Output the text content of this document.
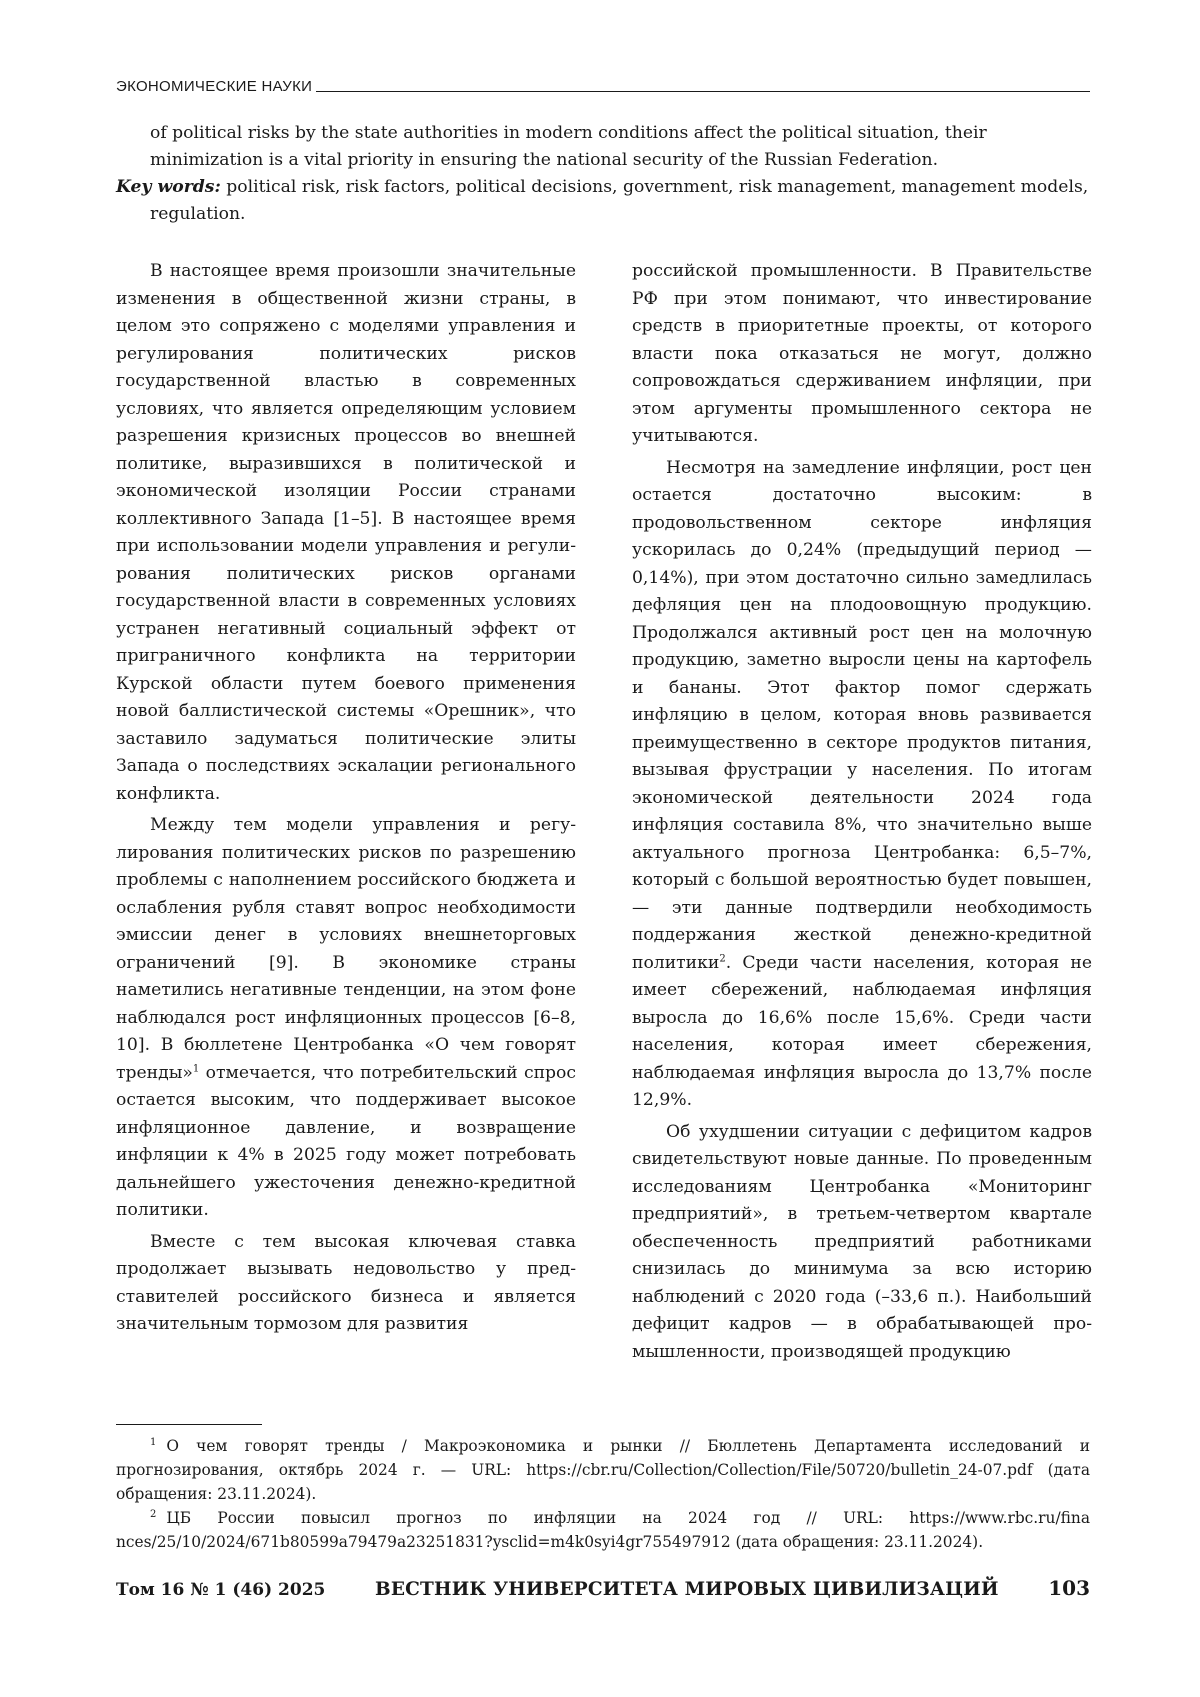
ЭКОНОМИЧЕСКИЕ НАУКИ

of political risks by the state authorities in modern conditions affect the political situation, their minimization is a vital priority in ensuring the national security of the Russian Federation.

Key words: political risk, risk factors, political decisions, government, risk management, management models, regulation.

В настоящее время произошли значительные изменения в общественной жизни страны, в целом это сопряжено с моделями управления и регулирования политических рисков государственной властью в современных условиях, что является определяющим условием разрешения кризисных процессов во внешней политике, выразившихся в политической и экономической изоляции России странами коллективного Запада [1–5]. В настоящее время при использовании модели управления и регулирования политических рисков органами государственной власти в современных условиях устранен негативный социальный эффект от приграничного конфликта на территории Курской области путем боевого применения новой баллистической системы «Орешник», что заставило задуматься политические элиты Запада о последствиях эскалации регионального конфликта.

Между тем модели управления и регулирования политических рисков по разрешению проблемы с наполнением российского бюджета и ослабления рубля ставят вопрос необходимости эмиссии денег в условиях внешнеторговых ограничений [9]. В экономике страны наметились негативные тенденции, на этом фоне наблюдался рост инфляционных процессов [6–8, 10]. В бюллетене Центробанка «О чем говорят тренды»$^1$ отмечается, что потребительский спрос остается высоким, что поддерживает высокое инфляционное давление, и возвращение инфляции к 4% в 2025 году может потребовать дальнейшего ужесточения денежно-кредитной политики.

Вместе с тем высокая ключевая ставка продолжает вызывать недовольство у представителей российского бизнеса и является значительным тормозом для развития

российской промышленности. В Правительстве РФ при этом понимают, что инвестирование средств в приоритетные проекты, от которого власти пока отказаться не могут, должно сопровождаться сдерживанием инфляции, при этом аргументы промышленного сектора не учитываются.

Несмотря на замедление инфляции, рост цен остается достаточно высоким: в продовольственном секторе инфляция ускорилась до 0,24% (предыдущий период — 0,14%), при этом достаточно сильно замедлилась дефляция цен на плодоовощную продукцию. Продолжался активный рост цен на молочную продукцию, заметно выросли цены на картофель и бананы. Этот фактор помог сдержать инфляцию в целом, которая вновь развивается преимущественно в секторе продуктов питания, вызывая фрустрации у населения. По итогам экономической деятельности 2024 года инфляция составила 8%, что значительно выше актуального прогноза Центробанка: 6,5–7%, который с большой вероятностью будет повышен, — эти данные подтвердили необходимость поддержания жесткой денежно-кредитной политики$^2$. Среди части населения, которая не имеет сбережений, наблюдаемая инфляция выросла до 16,6% после 15,6%. Среди части населения, которая имеет сбережения, наблюдаемая инфляция выросла до 13,7% после 12,9%.

Об ухудшении ситуации с дефицитом кадров свидетельствуют новые данные. По проведенным исследованиям Центробанка «Мониторинг предприятий», в третьем-четвертом квартале обеспеченность предприятий работниками снизилась до минимума за всю историю наблюдений с 2020 года (–33,6 п.). Наибольший дефицит кадров — в обрабатывающей промышленности, производящей продукцию

$^1$ О чем говорят тренды / Макроэкономика и рынки // Бюллетень Департамента исследований и прогнозирования, октябрь 2024 г. — URL: https://cbr.ru/Collection/Collection/File/50720/bulletin_24-07.pdf (дата обращения: 23.11.2024).

$^2$ ЦБ России повысил прогноз по инфляции на 2024 год // URL: https://www.rbc.ru/fina nces/25/10/2024/671b80599a79479a23251831?ysclid=m4k0syi4gr755497912 (дата обращения: 23.11.2024).

Том 16 № 1 (46) 2025	ВЕСТНИК УНИВЕРСИТЕТА МИРОВЫХ ЦИВИЛИЗАЦИЙ 103
